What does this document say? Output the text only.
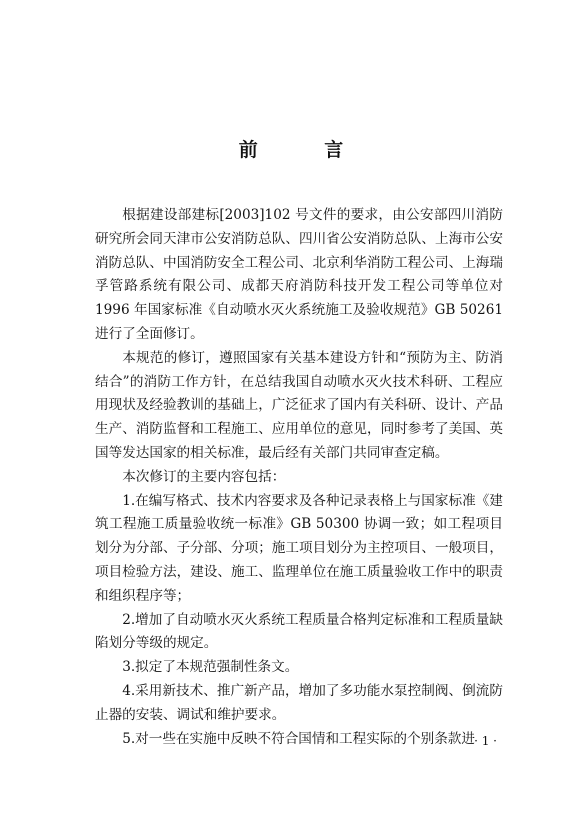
前 言

根据建设部建标[2003]102 号文件的要求，由公安部四川消防研究所会同天津市公安消防总队、四川省公安消防总队、上海市公安消防总队、中国消防安全工程公司、北京利华消防工程公司、上海瑞孚管路系统有限公司、成都天府消防科技开发工程公司等单位对 1996 年国家标准《自动喷水灭火系统施工及验收规范》GB 50261进行了全面修订。

本规范的修订，遵照国家有关基本建设方针和“预防为主、防消结合”的消防工作方针，在总结我国自动喷水灭火技术科研、工程应用现状及经验教训的基础上，广泛征求了国内有关科研、设计、产品生产、消防监督和工程施工、应用单位的意见，同时参考了美国、英国等发达国家的相关标准，最后经有关部门共同审查定稿。

本次修订的主要内容包括：

1.在编写格式、技术内容要求及各种记录表格上与国家标准《建筑工程施工质量验收统一标准》GB 50300 协调一致；如工程项目划分为分部、子分部、分项；施工项目划分为主控项目、一般项目，项目检验方法，建设、施工、监理单位在施工质量验收工作中的职责和组织程序等；

2.增加了自动喷水灭火系统工程质量合格判定标准和工程质量缺陷划分等级的规定。

3.拟定了本规范强制性条文。

4.采用新技术、推广新产品，增加了多功能水泵控制阀、倒流防止器的安装、调试和维护要求。

5.对一些在实施中反映不符合国情和工程实际的个别条款进 · 1 ·
